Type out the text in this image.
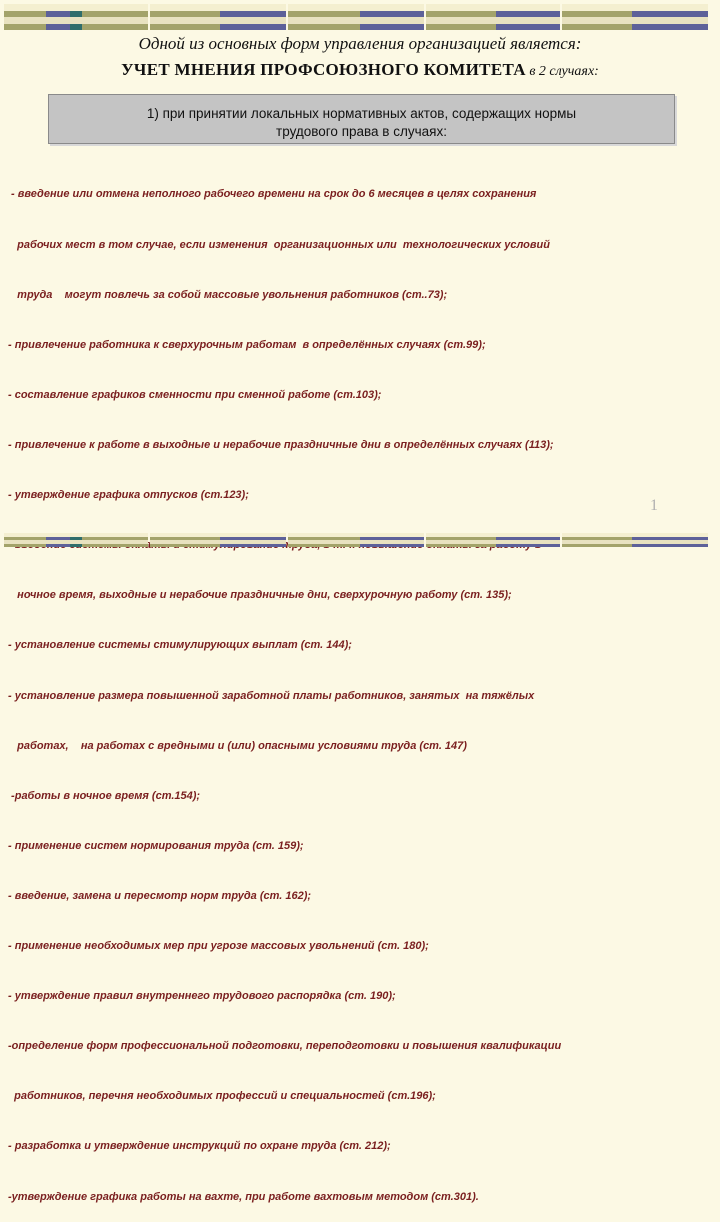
Одной из основных форм управления организацией является:
УЧЕТ МНЕНИЯ ПРОФСОЮЗНОГО КОМИТЕТА в 2 случаях:
1) при принятии локальных нормативных актов, содержащих нормы
трудового права в случаях:

- введение или отмена неполного рабочего времени на срок до 6 месяцев в целях сохранения

рабочих мест в том случае, если изменения  организационных или  технологических условий

труда    могут повлечь за собой массовые увольнения работников (ст..73);

- привлечение работника к сверхурочным работам  в определённых случаях (ст.99);

- составление графиков сменности при сменной работе (ст.103);

- привлечение к работе в выходные и нерабочие праздничные дни в определённых случаях (113);

- утверждение графика отпусков (ст.123);

ночное время, выходные и нерабочие праздничные дни, сверхурочную работу (ст. 135);

- установление системы стимулирующих выплат (ст. 144);

- установление размера повышенной заработной платы работников, занятых  на тяжёлых

работах,    на работах с вредными и (или) опасными условиями труда (ст. 147)

-работы в ночное время (ст.154);

- применение систем нормирования труда (ст. 159);

- введение, замена и пересмотр норм труда (ст. 162);

- применение необходимых мер при угрозе массовых увольнений (ст. 180);

- утверждение правил внутреннего трудового распорядка (ст. 190);

-определение форм профессиональной подготовки, переподготовки и повышения квалификации

работников, перечня необходимых профессий и специальностей (ст.196);

- разработка и утверждение инструкций по охране труда (ст. 212);

-утверждение графика работы на вахте, при работе вахтовым методом (ст.301).

1
